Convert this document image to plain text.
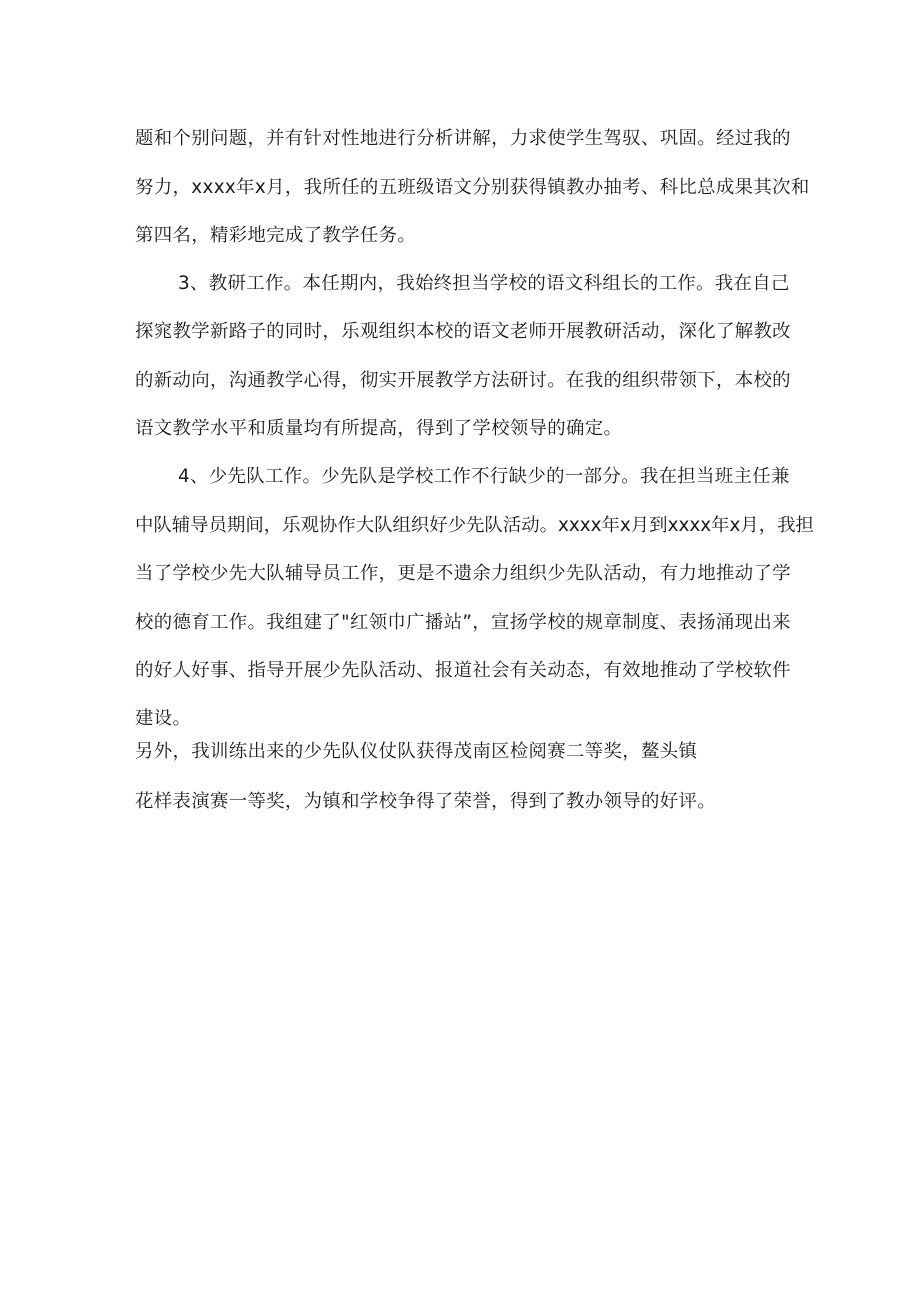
题和个别问题，并有针对性地进行分析讲解，力求使学生驾驭、巩固。经过我的
努力，xxxx年x月，我所任的五班级语文分别获得镇教办抽考、科比总成果其次和
第四名，精彩地完成了教学任务。
3、教研工作。本任期内，我始终担当学校的语文科组长的工作。我在自己
探窕教学新路子的同时，乐观组织本校的语文老师开展教研活动，深化了解教改
的新动向，沟通教学心得，彻实开展教学方法研讨。在我的组织带领下，本校的
语文教学水平和质量均有所提高，得到了学校领导的确定。
4、少先队工作。少先队是学校工作不行缺少的一部分。我在担当班主任兼
中队辅导员期间，乐观协作大队组织好少先队活动。xxxx年x月到xxxx年x月，我担
当了学校少先大队辅导员工作，更是不遗余力组织少先队活动，有力地推动了学
校的德育工作。我组建了"红领巾广播站”，宣扬学校的规章制度、表扬涌现出来
的好人好事、指导开展少先队活动、报道社会有关动态，有效地推动了学校软件
建设。
另外，我训练出来的少先队仪仗队获得茂南区检阅赛二等奖，鳌头镇
花样表演赛一等奖，为镇和学校争得了荣誉，得到了教办领导的好评。
